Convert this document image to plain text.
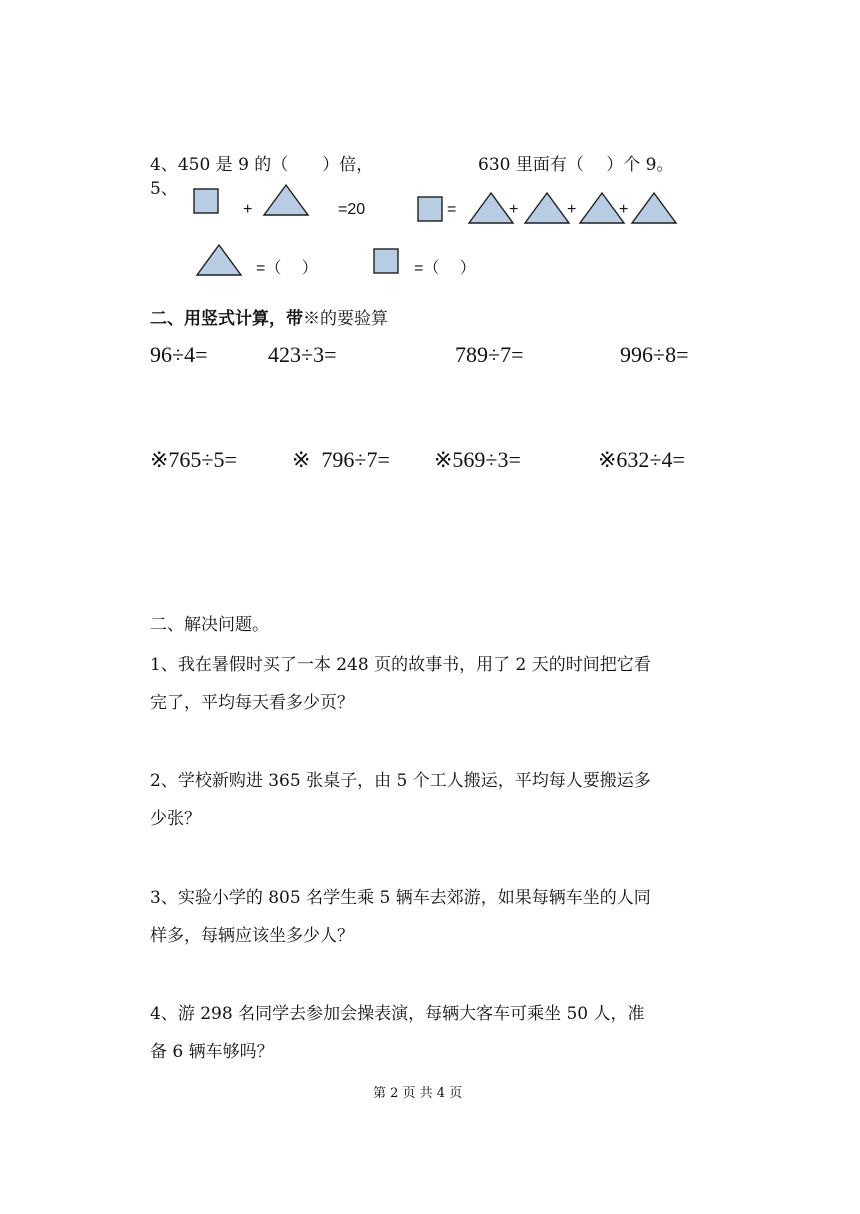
4、450 是 9 的（　　）倍，	630 里面有（　 ）个 9。
5、
+	=20	=	+	+	+
=（　 ）	=（　 ）
二、用竖式计算，带※的要验算
96÷4=	423÷3=	789÷7=	996÷8=
※765÷5=	※  796÷7= ※569÷3=	※632÷4=
二、解决问题。
1、我在暑假时买了一本 248 页的故事书，用了 2 天的时间把它看
完了，平均每天看多少页？
2、学校新购进 365 张桌子，由 5 个工人搬运，平均每人要搬运多
少张？
3、实验小学的 805 名学生乘 5 辆车去郊游，如果每辆车坐的人同
样多，每辆应该坐多少人？
4、游 298 名同学去参加会操表演，每辆大客车可乘坐 50 人，准
备 6 辆车够吗？
第 2 页 共 4 页
